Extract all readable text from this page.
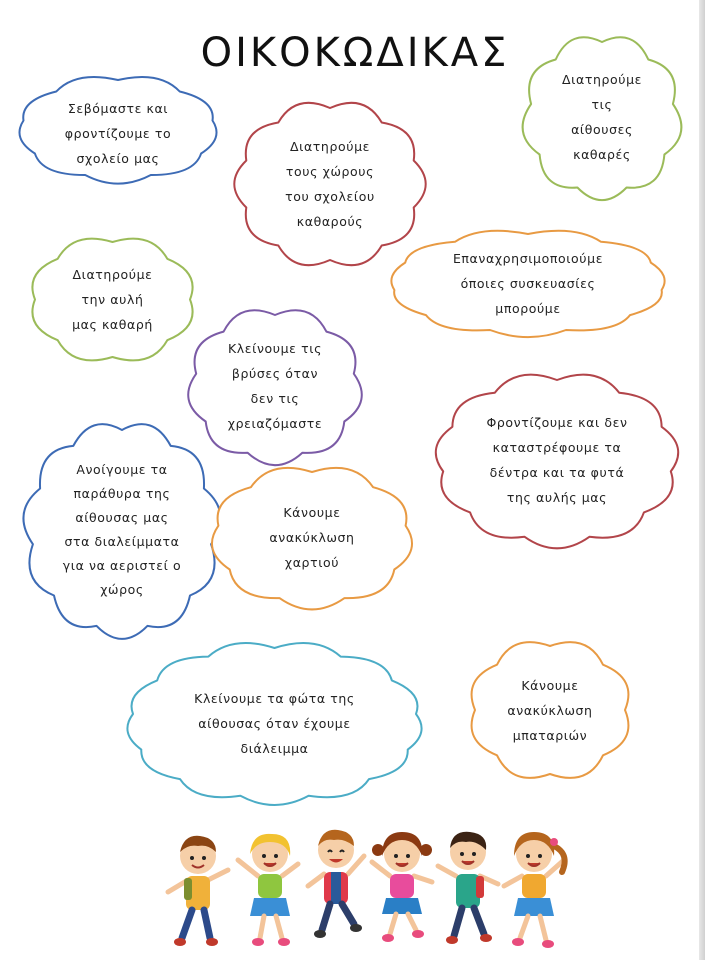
ΟΙΚΟΚΩΔΙΚΑΣ
Σεβόμαστε και
φροντίζουμε το
σχολείο μας
Διατηρούμε
τους χώρους
του σχολείου
καθαρούς
Διατηρούμε
τις
αίθουσες
καθαρές
Διατηρούμε
την αυλή
μας καθαρή
Επαναχρησιμοποιούμε
όποιες συσκευασίες
μπορούμε
Κλείνουμε τις
βρύσες όταν
δεν τις
χρειαζόμαστε	Φροντίζουμε και δεν
καταστρέφουμε τα
δέντρα και τα φυτά
της αυλής μας
Ανοίγουμε τα
παράθυρα της
αίθουσας μας
στα διαλείμματα
για να αεριστεί ο
χώρος
Κάνουμε
ανακύκλωση
χαρτιού
Κλείνουμε τα φώτα της
αίθουσας όταν έχουμε
διάλειμμα
Κάνουμε
ανακύκλωση
μπαταριών
